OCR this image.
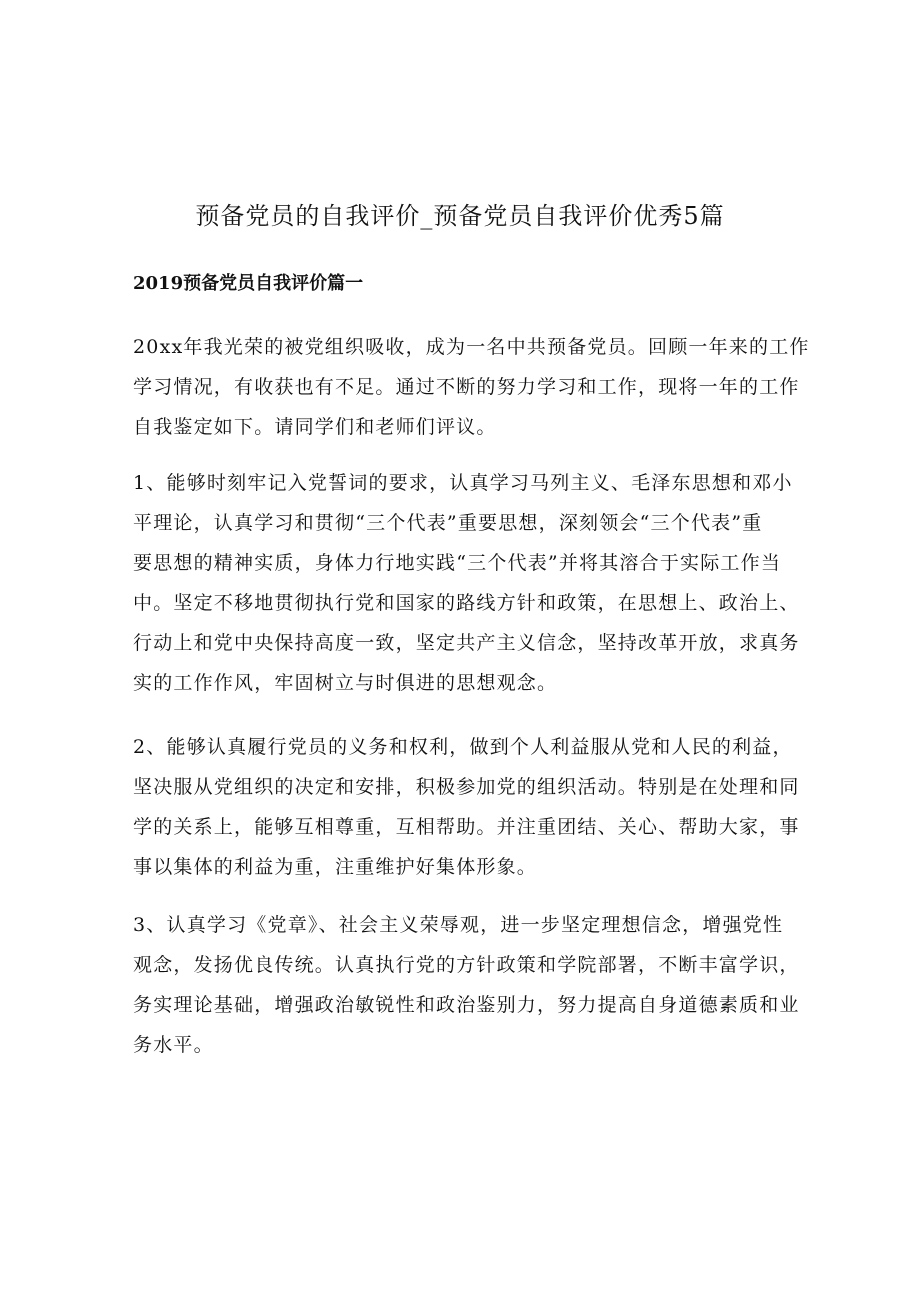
预备党员的自我评价_预备党员自我评价优秀5篇
2019预备党员自我评价篇一

20xx年我光荣的被党组织吸收，成为一名中共预备党员。回顾一年来的工作
学习情况，有收获也有不足。通过不断的努力学习和工作，现将一年的工作
自我鉴定如下。请同学们和老师们评议。

1、能够时刻牢记入党誓词的要求，认真学习马列主义、毛泽东思想和邓小
平理论，认真学习和贯彻“三个代表”重要思想，深刻领会“三个代表”重
要思想的精神实质，身体力行地实践“三个代表”并将其溶合于实际工作当
中。坚定不移地贯彻执行党和国家的路线方针和政策，在思想上、政治上、
行动上和党中央保持高度一致，坚定共产主义信念，坚持改革开放，求真务
实的工作作风，牢固树立与时俱进的思想观念。

2、能够认真履行党员的义务和权利，做到个人利益服从党和人民的利益，
坚决服从党组织的决定和安排，积极参加党的组织活动。特别是在处理和同
学的关系上，能够互相尊重，互相帮助。并注重团结、关心、帮助大家，事
事以集体的利益为重，注重维护好集体形象。

3、认真学习《党章》、社会主义荣辱观，进一步坚定理想信念，增强党性
观念，发扬优良传统。认真执行党的方针政策和学院部署，不断丰富学识，
务实理论基础，增强政治敏锐性和政治鉴别力，努力提高自身道德素质和业
务水平。
